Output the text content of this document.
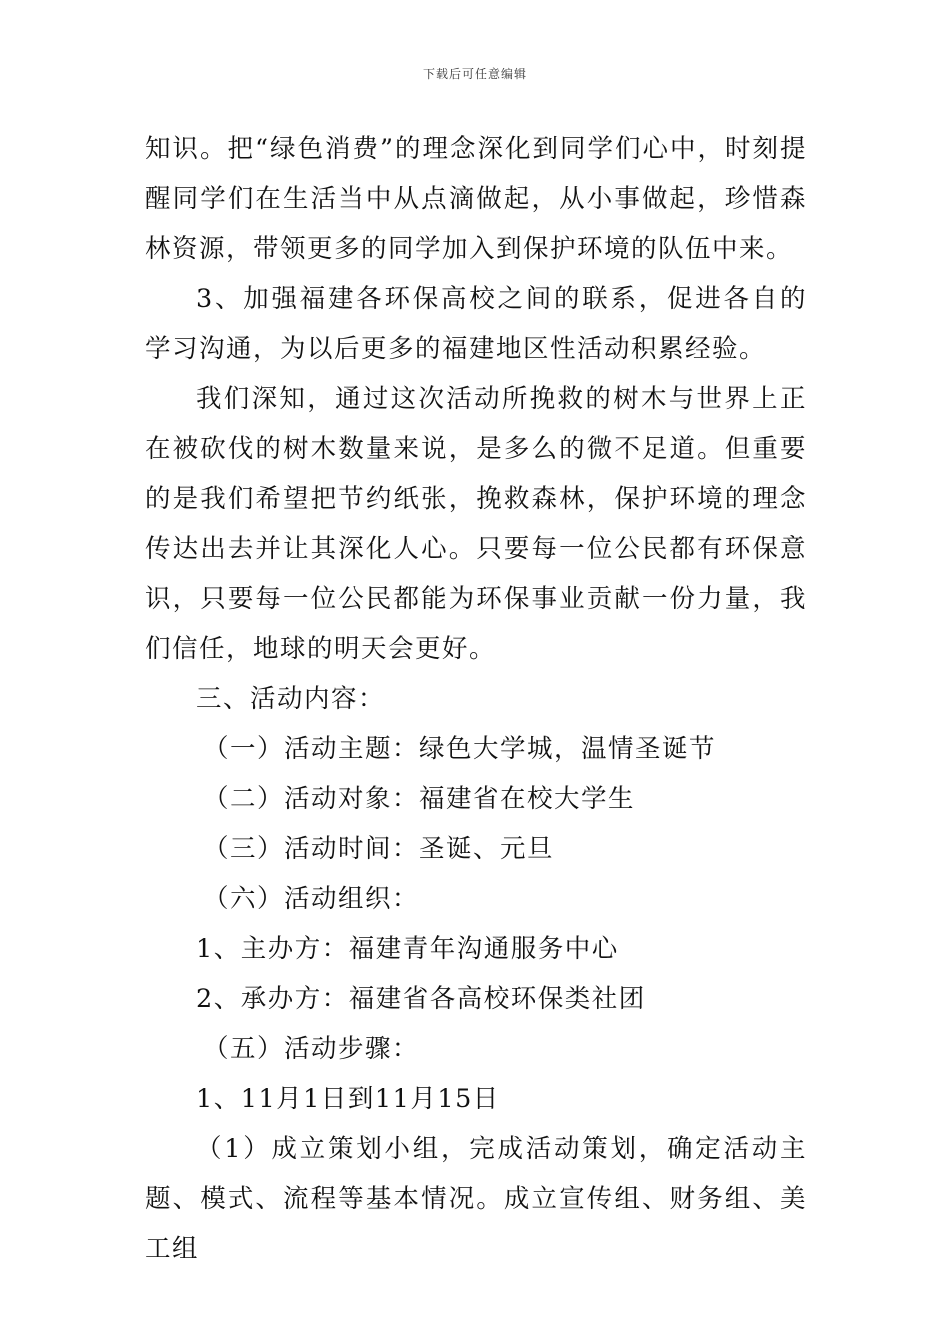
下载后可任意编辑

知识。把“绿色消费”的理念深化到同学们心中，时刻提醒同学们在生活当中从点滴做起，从小事做起，珍惜森林资源，带领更多的同学加入到保护环境的队伍中来。

3、加强福建各环保高校之间的联系，促进各自的学习沟通，为以后更多的福建地区性活动积累经验。

我们深知，通过这次活动所挽救的树木与世界上正在被砍伐的树木数量来说，是多么的微不足道。但重要的是我们希望把节约纸张，挽救森林，保护环境的理念传达出去并让其深化人心。只要每一位公民都有环保意识，只要每一位公民都能为环保事业贡献一份力量，我们信任，地球的明天会更好。

三、活动内容：

（一）活动主题：绿色大学城，温情圣诞节

（二）活动对象：福建省在校大学生

（三）活动时间：圣诞、元旦

（六）活动组织：

1、主办方：福建青年沟通服务中心

2、承办方：福建省各高校环保类社团

（五）活动步骤：

1、11月1日到11月15日

（1）成立策划小组，完成活动策划，确定活动主题、模式、流程等基本情况。成立宣传组、财务组、美工组
